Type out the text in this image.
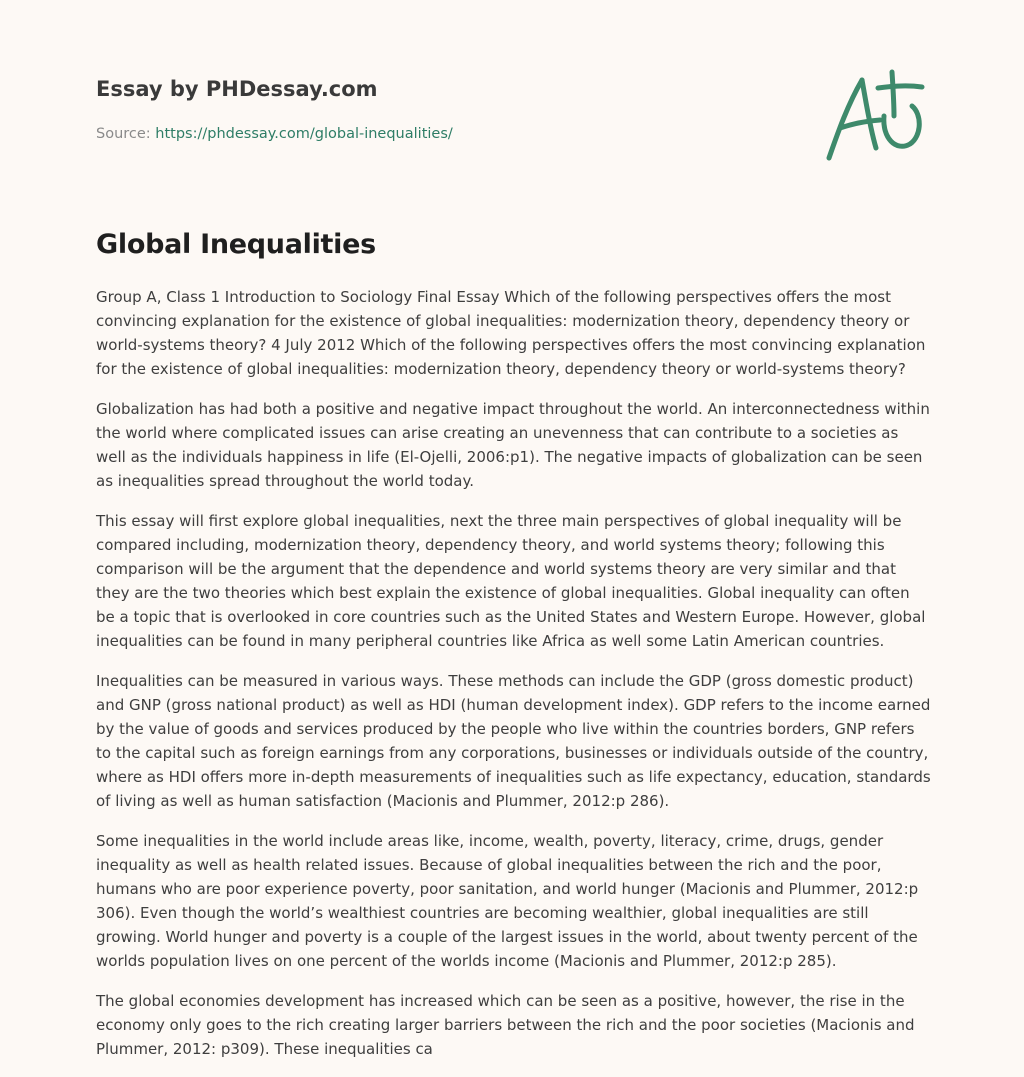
Essay by PHDessay.com
Source: https://phdessay.com/global-inequalities/
Global Inequalities

Group A, Class 1 Introduction to Sociology Final Essay Which of the following perspectives offers the most convincing explanation for the existence of global inequalities: modernization theory, dependency theory or world-systems theory? 4 July 2012 Which of the following perspectives offers the most convincing explanation for the existence of global inequalities: modernization theory, dependency theory or world-systems theory?

Globalization has had both a positive and negative impact throughout the world. An interconnectedness within the world where complicated issues can arise creating an unevenness that can contribute to a societies as well as the individuals happiness in life (El-Ojelli, 2006:p1). The negative impacts of globalization can be seen as inequalities spread throughout the world today.

This essay will first explore global inequalities, next the three main perspectives of global inequality will be compared including, modernization theory, dependency theory, and world systems theory; following this comparison will be the argument that the dependence and world systems theory are very similar and that they are the two theories which best explain the existence of global inequalities. Global inequality can often be a topic that is overlooked in core countries such as the United States and Western Europe. However, global inequalities can be found in many peripheral countries like Africa as well some Latin American countries.

Inequalities can be measured in various ways. These methods can include the GDP (gross domestic product) and GNP (gross national product) as well as HDI (human development index). GDP refers to the income earned by the value of goods and services produced by the people who live within the countries borders, GNP refers to the capital such as foreign earnings from any corporations, businesses or individuals outside of the country, where as HDI offers more in-depth measurements of inequalities such as life expectancy, education, standards of living as well as human satisfaction (Macionis and Plummer, 2012:p 286).

Some inequalities in the world include areas like, income, wealth, poverty, literacy, crime, drugs, gender inequality as well as health related issues. Because of global inequalities between the rich and the poor, humans who are poor experience poverty, poor sanitation, and world hunger (Macionis and Plummer, 2012:p 306). Even though the world’s wealthiest countries are becoming wealthier, global inequalities are still growing. World hunger and poverty is a couple of the largest issues in the world, about twenty percent of the worlds population lives on one percent of the worlds income (Macionis and Plummer, 2012:p 285).

The global economies development has increased which can be seen as a positive, however, the rise in the economy only goes to the rich creating larger barriers between the rich and the poor societies (Macionis and Plummer, 2012: p309). These inequalities ca
